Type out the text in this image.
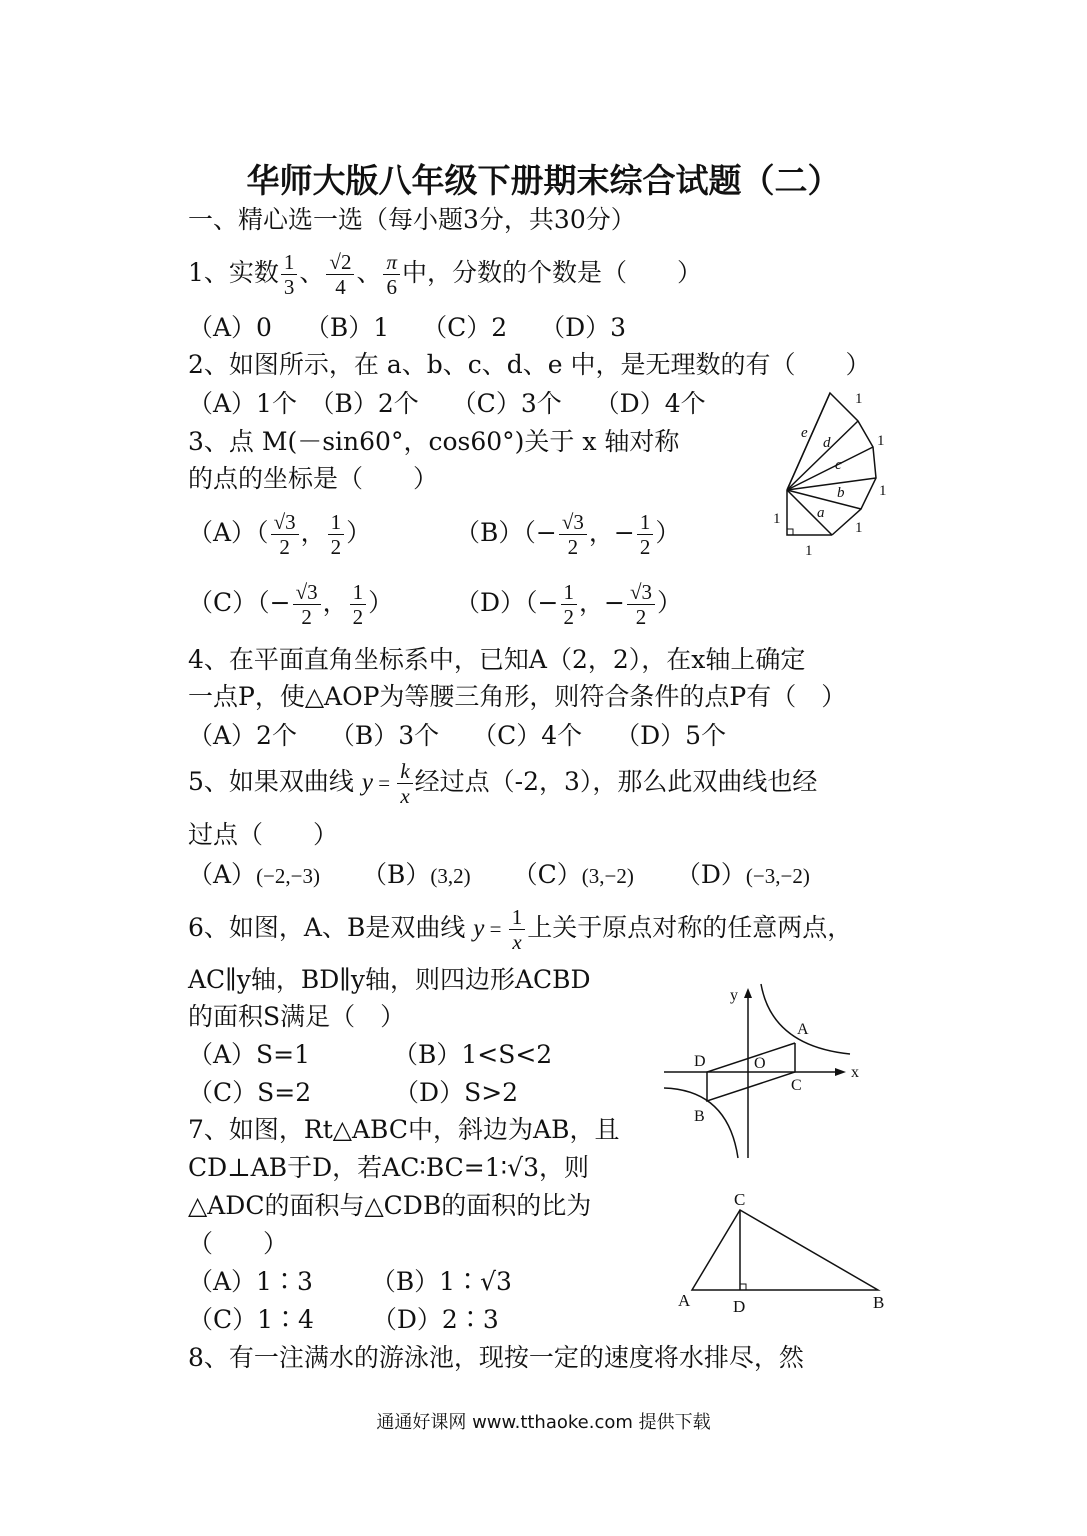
华师大版八年级下册期末综合试题（二）
一、精心选一选（每小题3分，共30分）
1、实数 $\frac{1}{3}$ 、 $\frac{√2}{4}$ 、 $\frac{\pi}{6}$ 中，分数的个数是（　　）
（A）0　 （B）1　 （C）2　 （D）3
2、如图所示，在 a、b、c、d、e 中，是无理数的有（　　）
（A）1个　（B）2个　 （C）3个　 （D）4个
3、点 M(－sin60°，cos60°)关于 x 轴对称
的点的坐标是（　　）
$(A)( \frac{√3}{2}$ ， $\frac{1}{2}$ ）	$(B)(- \frac{√3}{2}$ ，− $\frac{1}{2}$ ）
$(C)(- \frac{√3}{2}$ ， $\frac{1}{2}$ ） $(D)(- \frac{1}{2}$ ，− $\frac{√3}{2}$ ）
4、在平面直角坐标系中，已知A（2，2），在x轴上确定
一点P，使△AOP为等腰三角形，则符合条件的点P有（　）
（A）2个　 （B）3个　 （C）4个　 （D）5个
5、如果双曲线 $y = \frac{k}{x}$ 经过点（-2，3），那么此双曲线也经
过点（　　）
（A）(−2,−3) （B）(3,2) （C）(3,−2) （D）(−3,−2)
6、如图，A、B是双曲线 $y = \frac{1}{x}$ 上关于原点对称的任意两点，
AC∥y轴，BD∥y轴，则四边形ACBD
的面积S满足（　）
（A）S=1　　　 （B）1<S<2
（C）S=2　　　 （D）S>2
7、如图，Rt△ABC中，斜边为AB，且
CD⊥AB于D，若AC∶BC=1∶√3，则
△ADC的面积与△CDB的面积的比为
（　　）
（A）1∶3　　 （B）1∶√3
（C）1∶4　　 （D）2∶3
8、有一注满水的游泳池，现按一定的速度将水排尽，然
1
1
1
1
1
1
a
b
c
d
e
y
x
A
B
C
D	O
C
A	D	B
通通好课网 www.tthaoke.com 提供下载
